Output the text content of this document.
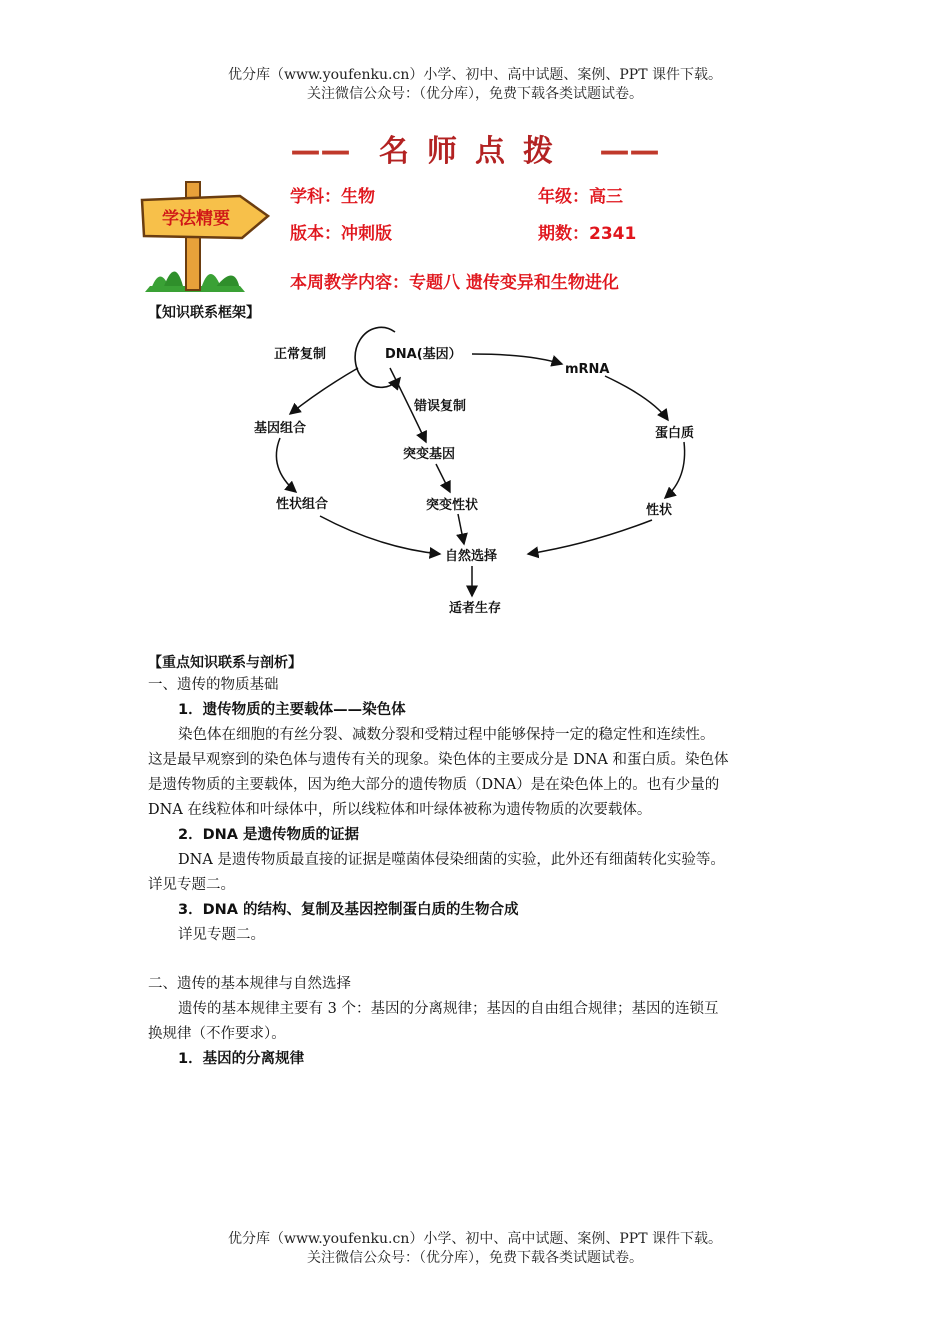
优分库（www.youfenku.cn）小学、初中、高中试题、案例、PPT 课件下载。
关注微信公众号：（优分库），免费下载各类试题试卷。
—— 名师点拨 ——
学法精要
学科：生物	年级：高三
版本：冲刺版	期数：2341
本周教学内容：专题八 遗传变异和生物进化
【知识联系框架】
正常复制	DNA(基因）
mRNA
错误复制
基因组合
突变基因
蛋白质
性状组合	突变性状	性状
自然选择
适者生存
【重点知识联系与剖析】
一、遗传的物质基础
1．遗传物质的主要载体——染色体
染色体在细胞的有丝分裂、减数分裂和受精过程中能够保持一定的稳定性和连续性。
这是最早观察到的染色体与遗传有关的现象。染色体的主要成分是 DNA 和蛋白质。染色体
是遗传物质的主要载体，因为绝大部分的遗传物质（DNA）是在染色体上的。也有少量的
DNA 在线粒体和叶绿体中，所以线粒体和叶绿体被称为遗传物质的次要载体。
2．DNA 是遗传物质的证据
DNA 是遗传物质最直接的证据是噬菌体侵染细菌的实验，此外还有细菌转化实验等。
详见专题二。
3．DNA 的结构、复制及基因控制蛋白质的生物合成
详见专题二。
二、遗传的基本规律与自然选择
遗传的基本规律主要有 3 个：基因的分离规律；基因的自由组合规律；基因的连锁互
换规律（不作要求）。
1．基因的分离规律
优分库（www.youfenku.cn）小学、初中、高中试题、案例、PPT 课件下载。
关注微信公众号：（优分库），免费下载各类试题试卷。
